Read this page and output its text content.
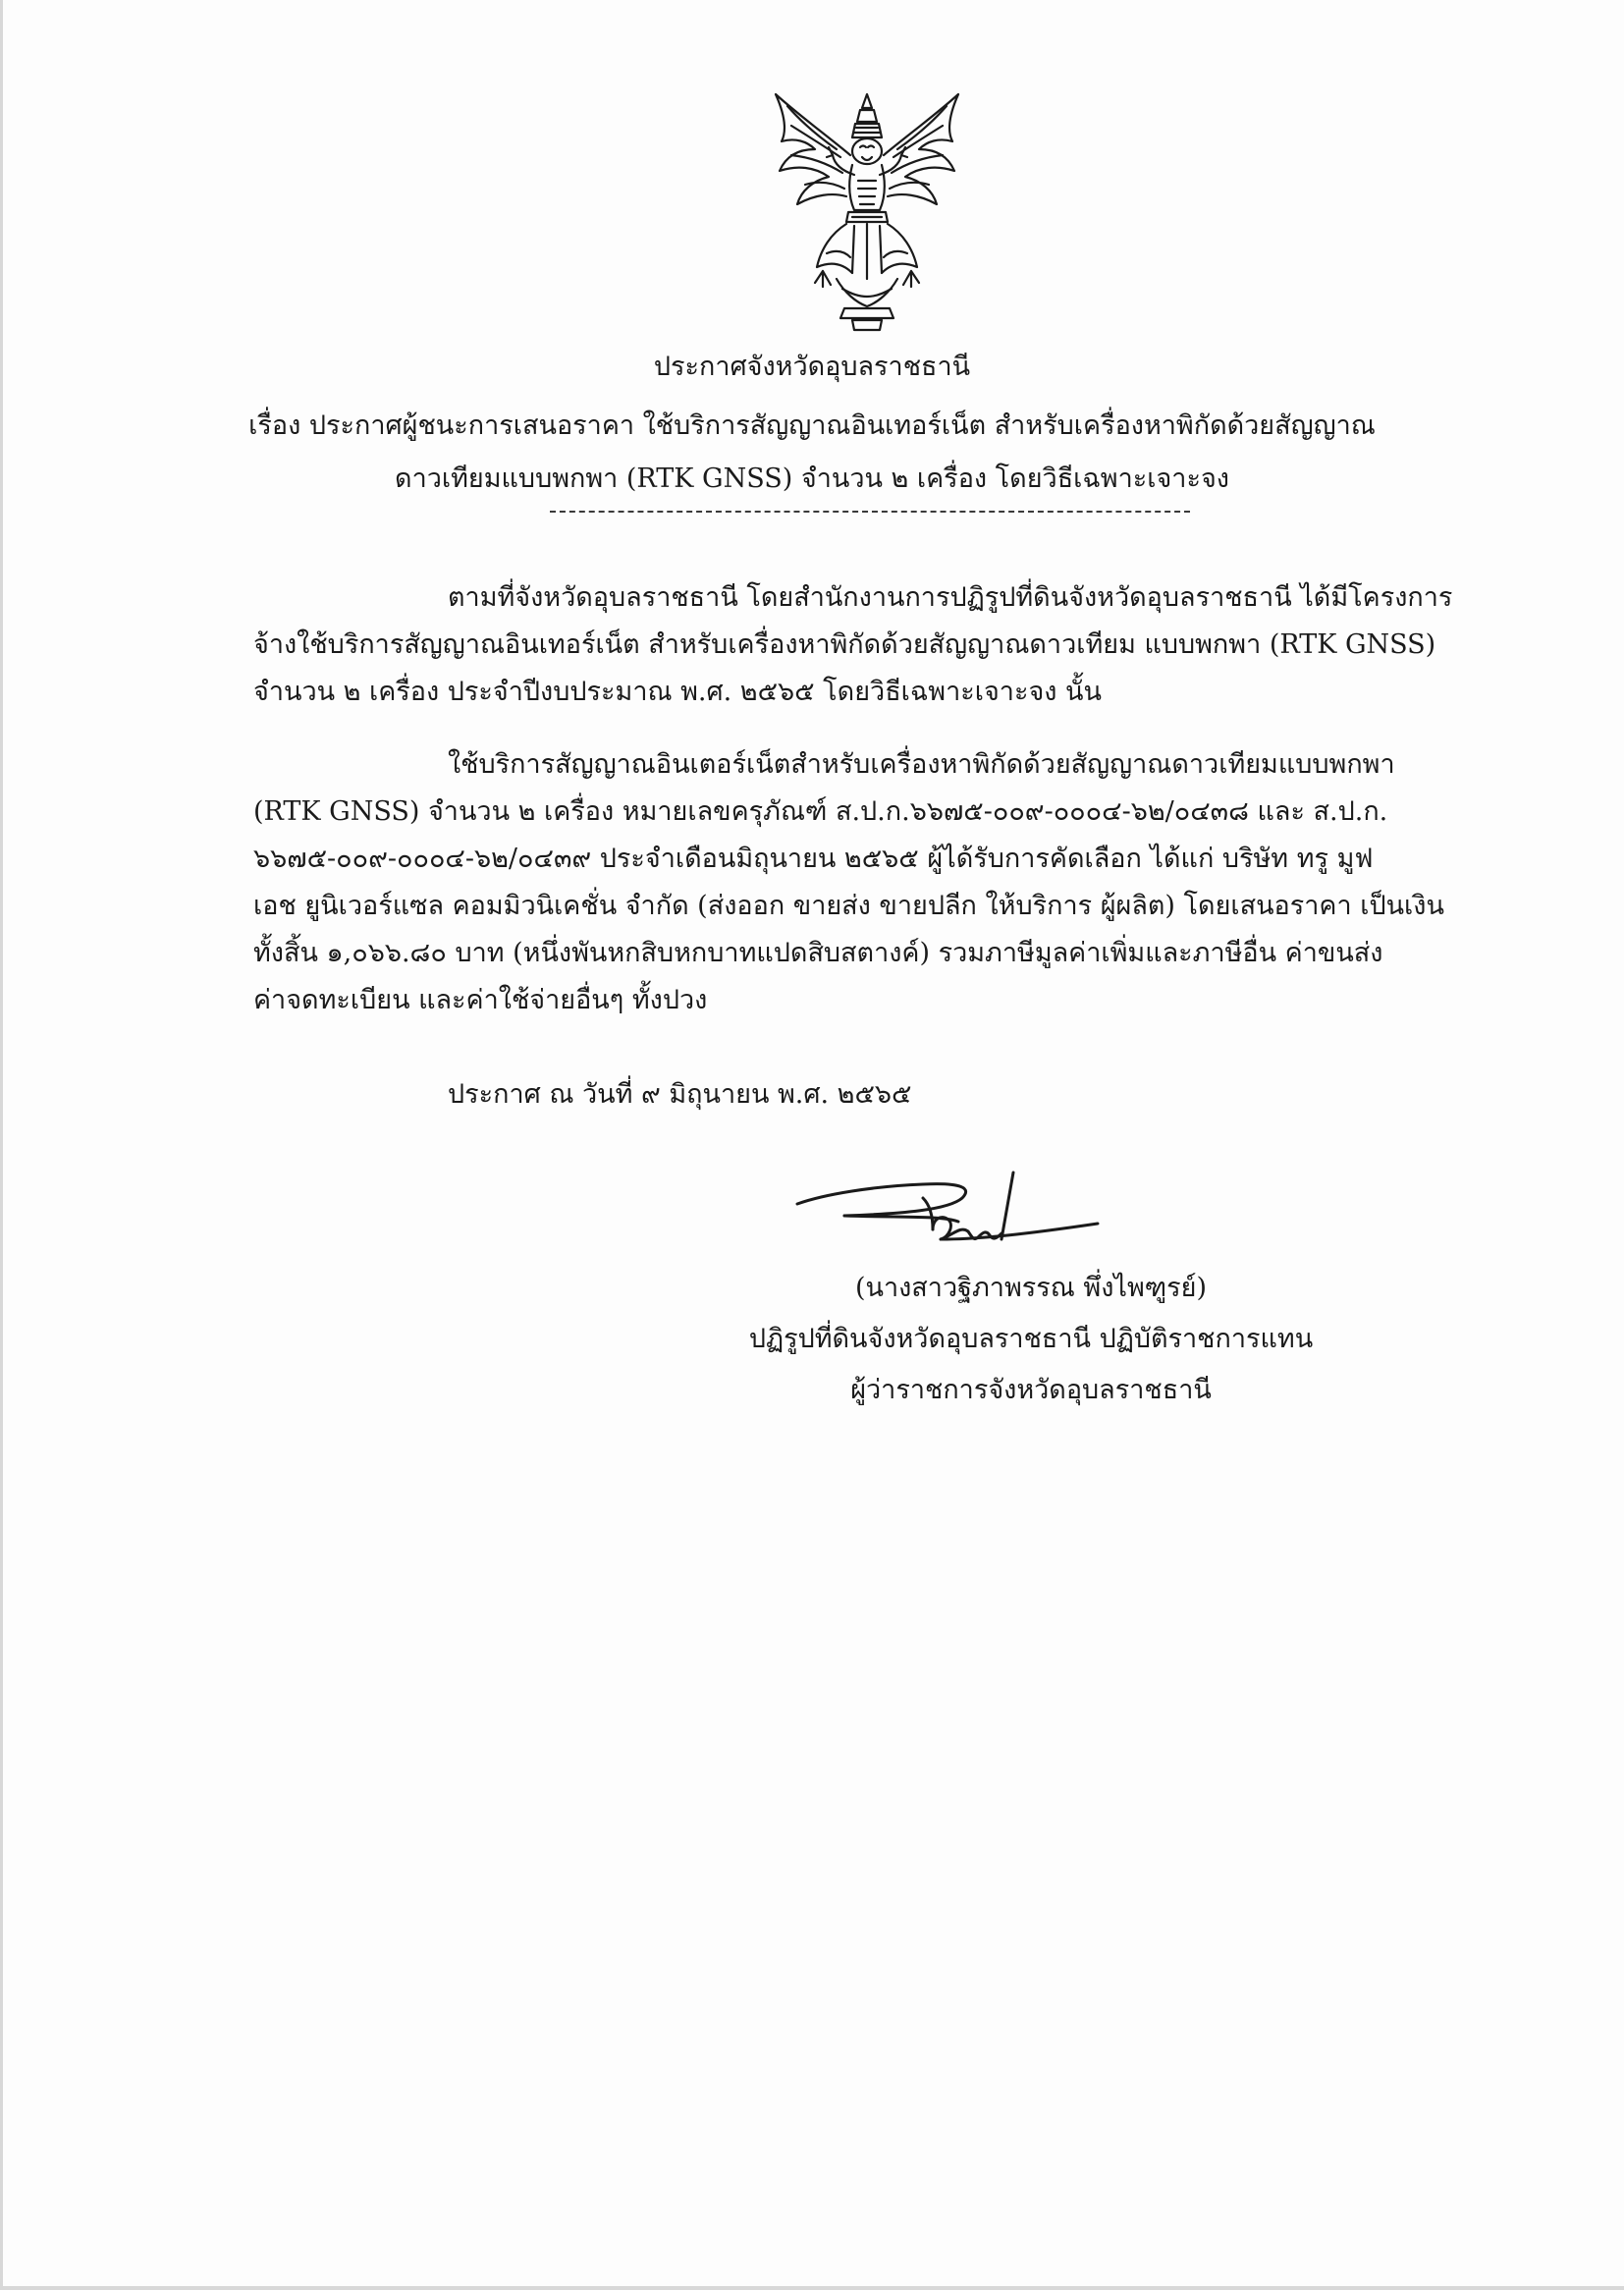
ประกาศจังหวัดอุบลราชธานี
เรื่อง ประกาศผู้ชนะการเสนอราคา ใช้บริการสัญญาณอินเทอร์เน็ต สำหรับเครื่องหาพิกัดด้วยสัญญาณ
ดาวเทียมแบบพกพา (RTK GNSS) จำนวน ๒ เครื่อง โดยวิธีเฉพาะเจาะจง
ตามที่จังหวัดอุบลราชธานี โดยสำนักงานการปฏิรูปที่ดินจังหวัดอุบลราชธานี ได้มีโครงการ
จ้างใช้บริการสัญญาณอินเทอร์เน็ต สำหรับเครื่องหาพิกัดด้วยสัญญาณดาวเทียม แบบพกพา (RTK GNSS)
จำนวน ๒ เครื่อง ประจำปีงบประมาณ พ.ศ. ๒๕๖๕ โดยวิธีเฉพาะเจาะจง นั้น
ใช้บริการสัญญาณอินเตอร์เน็ตสำหรับเครื่องหาพิกัดด้วยสัญญาณดาวเทียมแบบพกพา
(RTK GNSS) จำนวน ๒ เครื่อง หมายเลขครุภัณฑ์ ส.ป.ก.๖๖๗๕-๐๐๙-๐๐๐๔-๖๒/๐๔๓๘ และ ส.ป.ก.
๖๖๗๕-๐๐๙-๐๐๐๔-๖๒/๐๔๓๙ ประจำเดือนมิถุนายน ๒๕๖๕ ผู้ได้รับการคัดเลือก ได้แก่ บริษัท ทรู มูฟ
เอช ยูนิเวอร์แซล คอมมิวนิเคชั่น จำกัด (ส่งออก ขายส่ง ขายปลีก ให้บริการ ผู้ผลิต) โดยเสนอราคา เป็นเงิน
ทั้งสิ้น ๑,๐๖๖.๘๐ บาท (หนึ่งพันหกสิบหกบาทแปดสิบสตางค์) รวมภาษีมูลค่าเพิ่มและภาษีอื่น ค่าขนส่ง
ค่าจดทะเบียน และค่าใช้จ่ายอื่นๆ ทั้งปวง
ประกาศ ณ วันที่ ๙ มิถุนายน พ.ศ. ๒๕๖๕
(นางสาวฐิภาพรรณ พึ่งไพฑูรย์)
ปฏิรูปที่ดินจังหวัดอุบลราชธานี ปฏิบัติราชการแทน
ผู้ว่าราชการจังหวัดอุบลราชธานี
